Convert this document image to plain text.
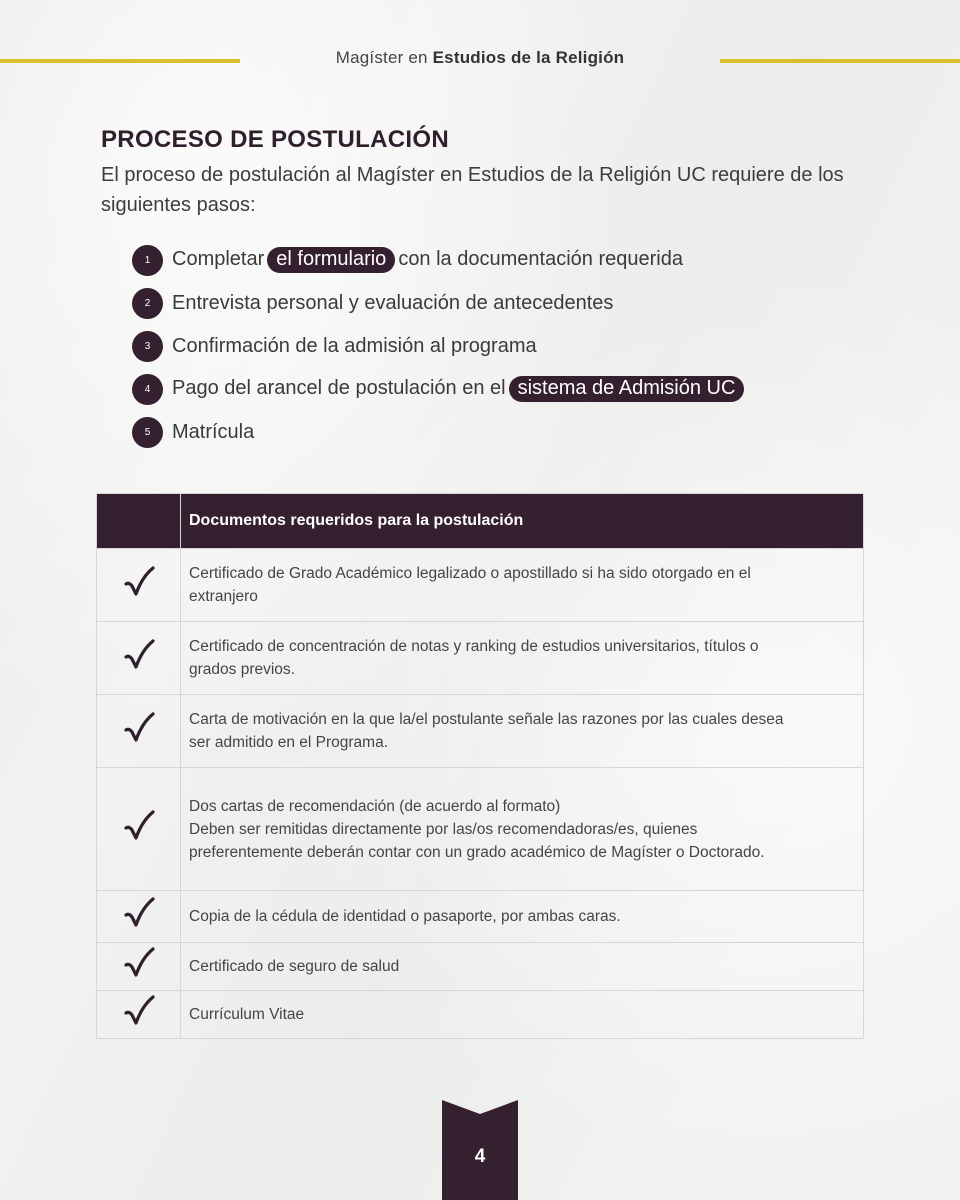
Magíster en Estudios de la Religión
PROCESO DE POSTULACIÓN
El proceso de postulación al Magíster en Estudios de la Religión UC requiere de los siguientes pasos:
1	Completar el formulario con la documentación requerida
2	Entrevista personal y evaluación de antecedentes
3	Confirmación de la admisión al programa
4	Pago del arancel de postulación en el sistema de Admisión UC
5	Matrícula
	Documentos requeridos para la postulación

Certificado de Grado Académico legalizado o apostillado si ha sido otorgado en el
extranjero

Certificado de concentración de notas y ranking de estudios universitarios, títulos o
grados previos.

Carta de motivación en la que la/el postulante señale las razones por las cuales desea
ser admitido en el Programa.

Dos cartas de recomendación (de acuerdo al formato)
Deben ser remitidas directamente por las/os recomendadoras/es, quienes
preferentemente deberán contar con un grado académico de Magíster o Doctorado.

Copia de la cédula de identidad o pasaporte, por ambas caras.

Certificado de seguro de salud

Currículum Vitae
4
